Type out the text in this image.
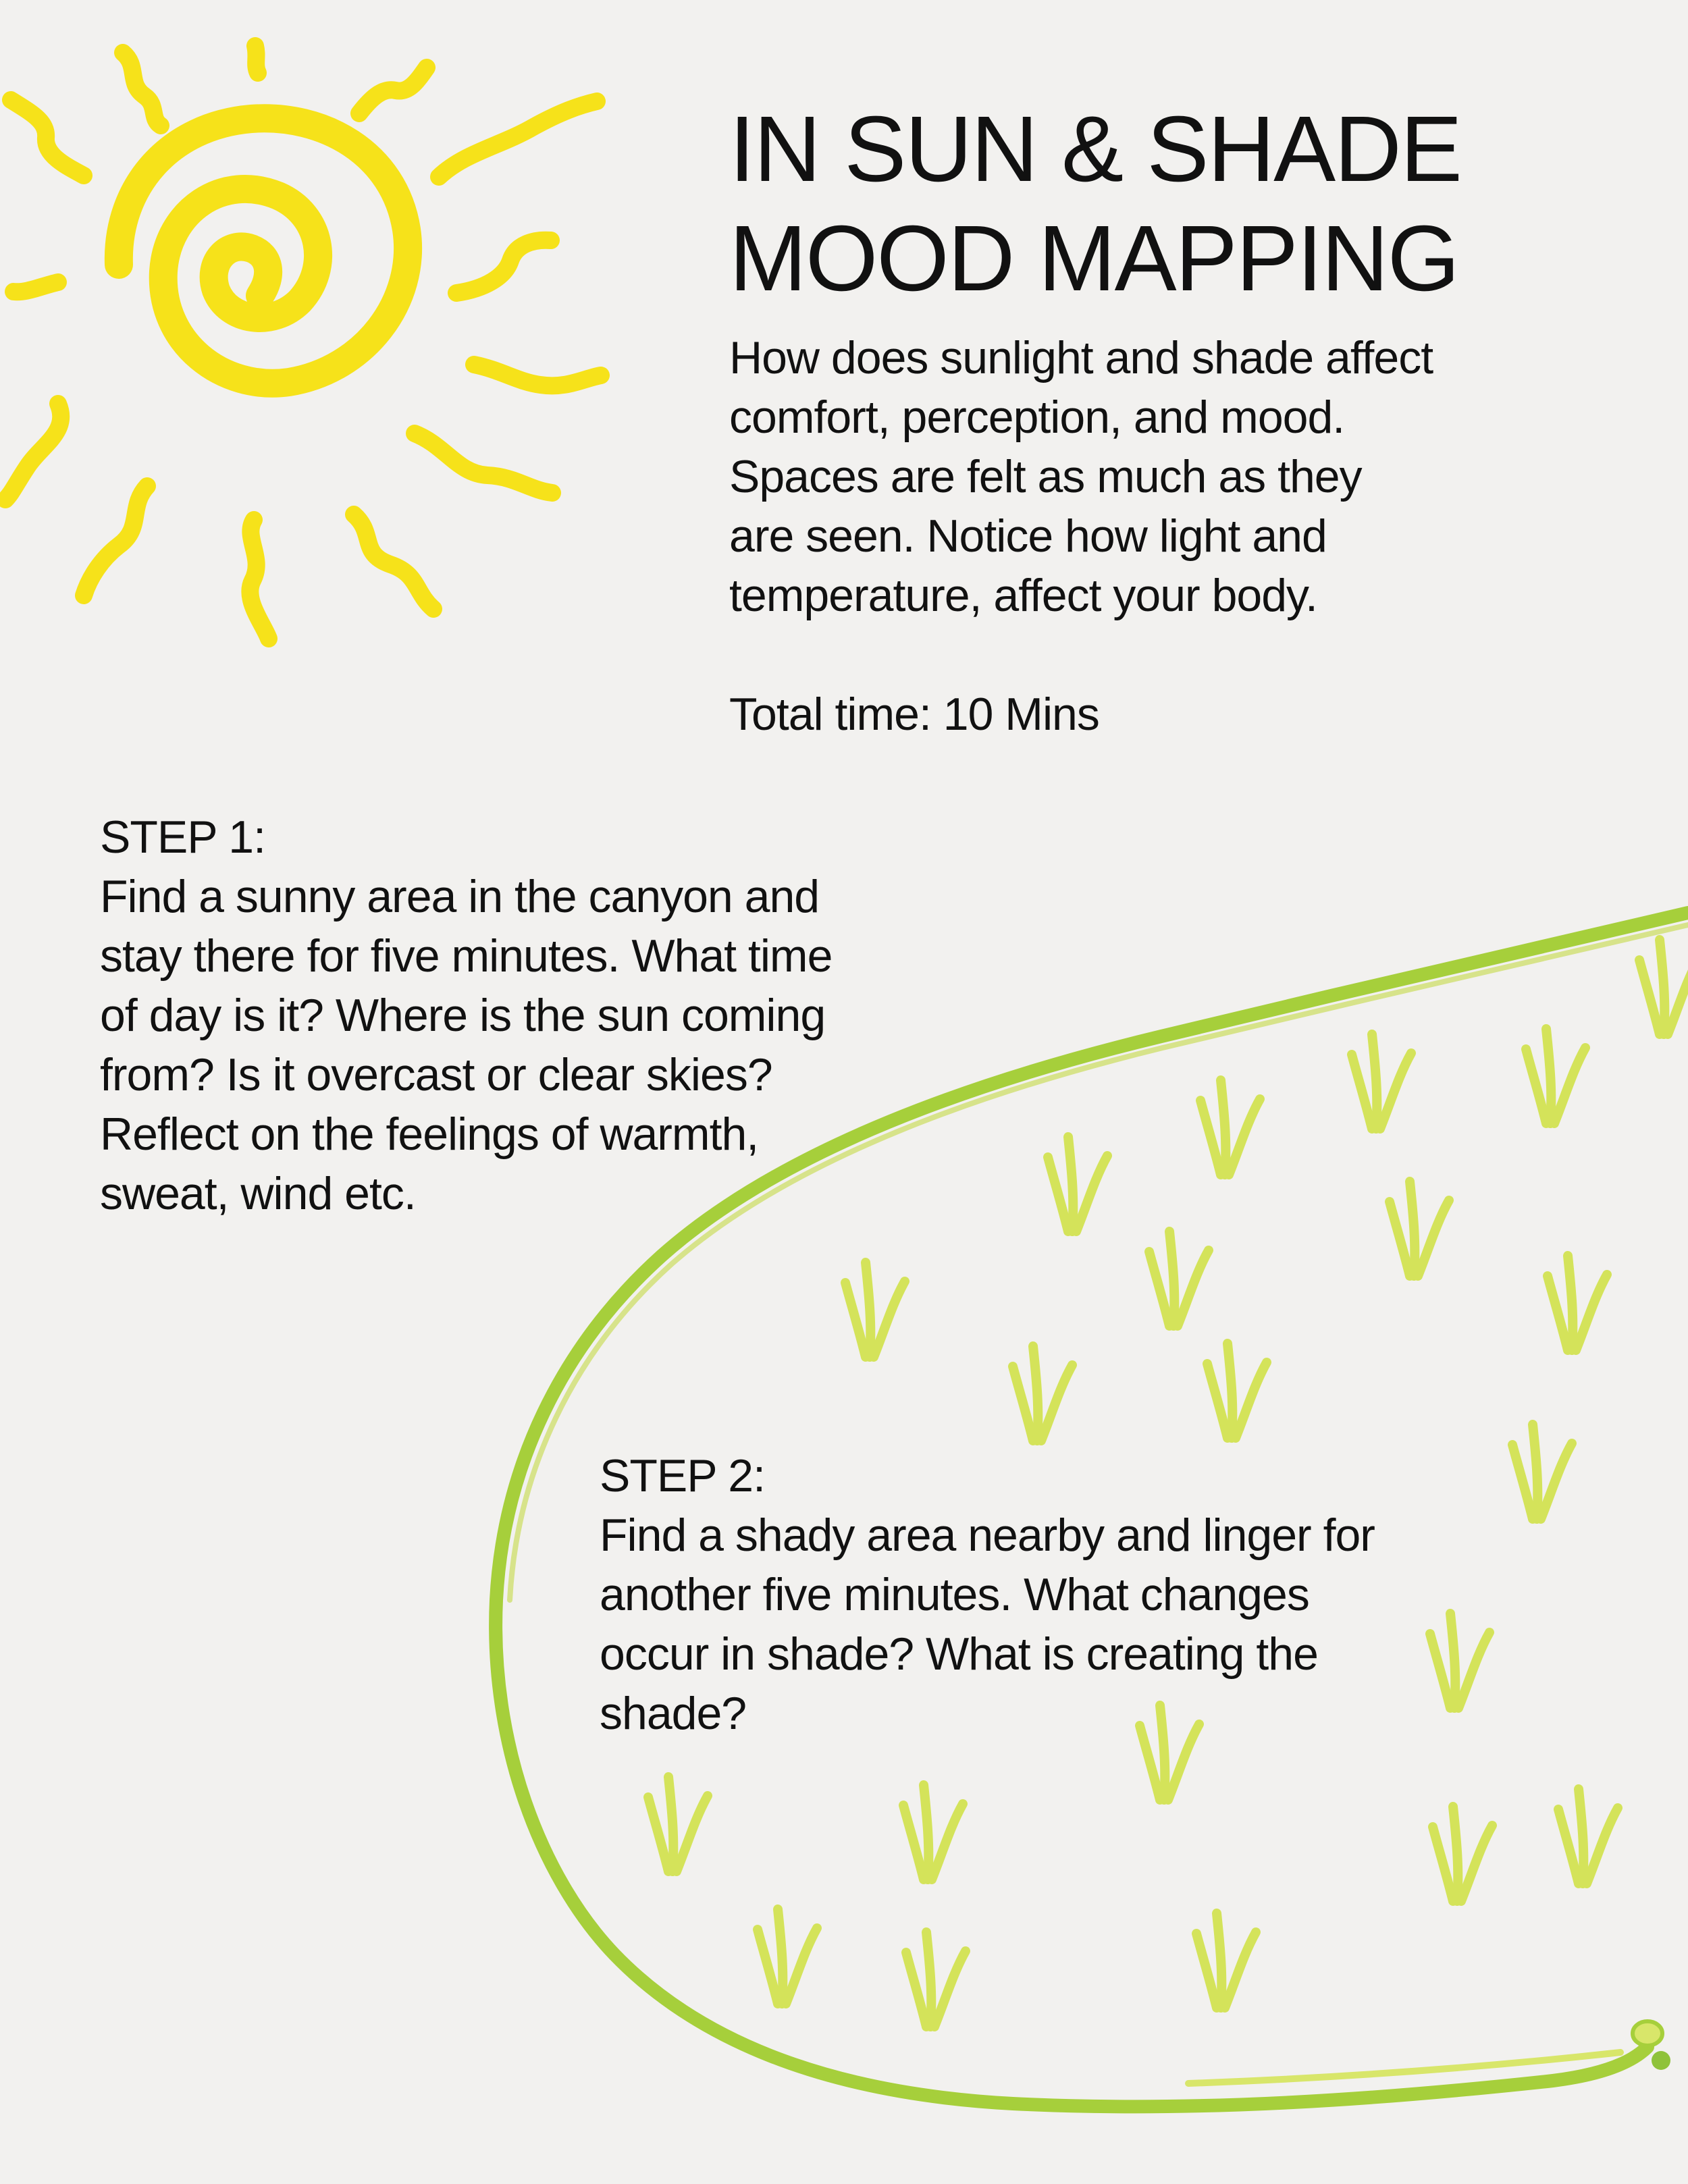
IN SUN & SHADE
MOOD MAPPING
How does sunlight and shade affect
comfort, perception, and mood.
Spaces are felt as much as they
are seen. Notice how light and
temperature, affect your body.
Total time: 10 Mins
STEP 1:
Find a sunny area in the canyon and
stay there for five minutes. What time
of day is it? Where is the sun coming
from? Is it overcast or clear skies?
Reflect on the feelings of warmth,
sweat, wind etc.
STEP 2:
Find a shady area nearby and linger for
another five minutes. What changes
occur in shade? What is creating the
shade?
